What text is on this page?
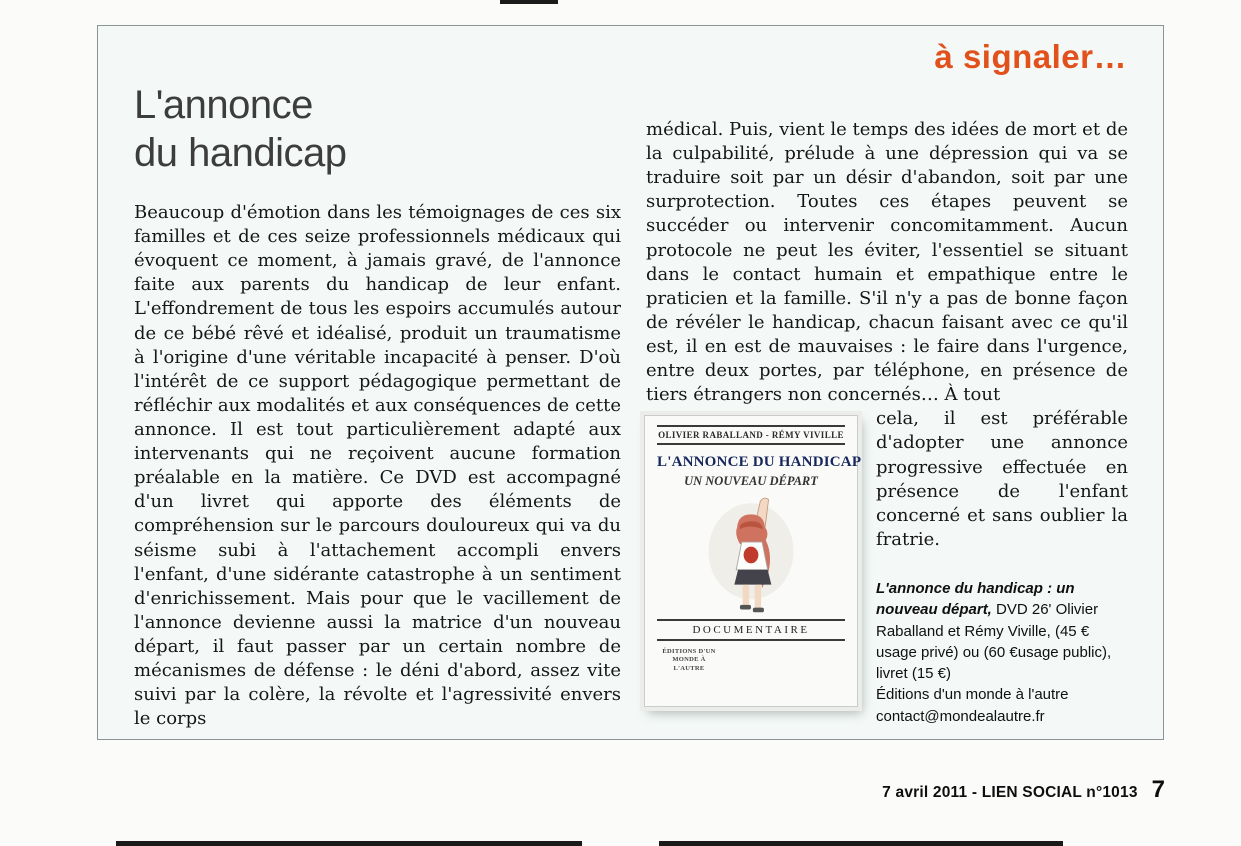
à signaler…
L'annonce
du handicap

Beaucoup d'émotion dans les témoignages de ces six familles et de ces seize professionnels médicaux qui évoquent ce moment, à jamais gravé, de l'annonce faite aux parents du handicap de leur enfant. L'effondrement de tous les espoirs accumulés autour de ce bébé rêvé et idéalisé, produit un traumatisme à l'origine d'une véritable incapacité à penser. D'où l'intérêt de ce support pédagogique permettant de réfléchir aux modalités et aux conséquences de cette annonce. Il est tout particulièrement adapté aux intervenants qui ne reçoivent aucune formation préalable en la matière. Ce DVD est accompagné d'un livret qui apporte des éléments de compréhension sur le parcours douloureux qui va du séisme subi à l'attachement accompli envers l'enfant, d'une sidérante catastrophe à un sentiment d'enrichissement. Mais pour que le vacillement de l'annonce devienne aussi la matrice d'un nouveau départ, il faut passer par un certain nombre de mécanismes de défense : le déni d'abord, assez vite suivi par la colère, la révolte et l'agressivité envers le corps

médical. Puis, vient le temps des idées de mort et de la culpabilité, prélude à une dépression qui va se traduire soit par un désir d'abandon, soit par une surprotection. Toutes ces étapes peuvent se succéder ou intervenir concomitamment. Aucun protocole ne peut les éviter, l'essentiel se situant dans le contact humain et empathique entre le praticien et la famille. S'il n'y a pas de bonne façon de révéler le handicap, chacun faisant avec ce qu'il est, il en est de mauvaises : le faire dans l'urgence, entre deux portes, par téléphone, en présence de tiers étrangers non concernés… À tout

OLIVIER RABALLAND - RÉMY VIVILLE
L'ANNONCE DU HANDICAP
UN NOUVEAU DÉPART
DOCUMENTAIRE
ÉDITIONS D'UN MONDE À L'AUTRE

cela, il est préférable d'adopter une annonce progressive effectuée en présence de l'enfant concerné et sans oublier la fratrie.

L'annonce du handicap : un nouveau départ, DVD 26' Olivier Raballand et Rémy Viville, (45 € usage privé) ou (60 €usage public), livret (15 €)
Éditions d'un monde à l'autre
contact@mondealautre.fr

7 avril 2011 - LIEN SOCIAL n°1013 7
